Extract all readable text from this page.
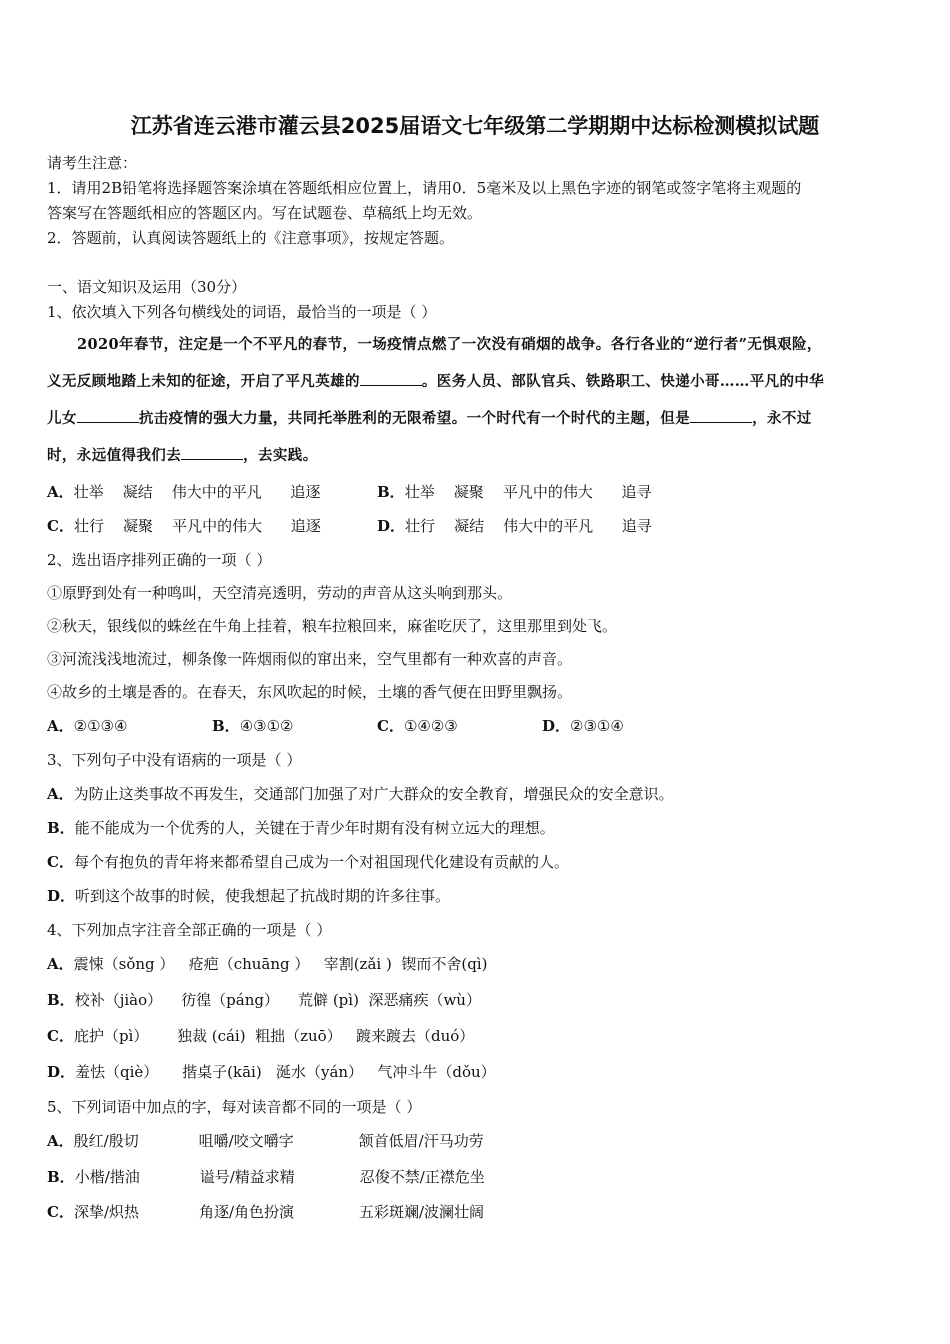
江苏省连云港市灌云县2025届语文七年级第二学期期中达标检测模拟试题
请考生注意：
1．请用2B铅笔将选择题答案涂填在答题纸相应位置上，请用0．5毫米及以上黑色字迹的钢笔或签字笔将主观题的
答案写在答题纸相应的答题区内。写在试题卷、草稿纸上均无效。
2．答题前，认真阅读答题纸上的《注意事项》，按规定答题。
一、语文知识及运用（30分）
1、依次填入下列各句横线处的词语，最恰当的一项是（ ）
2020年春节，注定是一个不平凡的春节，一场疫情点燃了一次没有硝烟的战争。各行各业的“逆行者”无惧艰险，
义无反顾地踏上未知的征途，开启了平凡英雄的	。医务人员、部队官兵、铁路职工、快递小哥……平凡的中华
儿女	抗击疫情的强大力量，共同托举胜利的无限希望。一个时代有一个时代的主题，但是	，永不过
时，永远值得我们去	，去实践。
A．壮举    凝结    伟大中的平凡      追逐	B．壮举    凝聚    平凡中的伟大      追寻
C．壮行    凝聚    平凡中的伟大      追逐	D．壮行    凝结    伟大中的平凡      追寻
2、选出语序排列正确的一项（ ）
①原野到处有一种鸣叫，天空清亮透明，劳动的声音从这头响到那头。
②秋天，银线似的蛛丝在牛角上挂着，粮车拉粮回来，麻雀吃厌了，这里那里到处飞。
③河流浅浅地流过，柳条像一阵烟雨似的窜出来，空气里都有一种欢喜的声音。
④故乡的土壤是香的。在春天，东风吹起的时候，土壤的香气便在田野里飘扬。
A．②①③④	B．④③①②	C．①④②③	D．②③①④
3、下列句子中没有语病的一项是（ ）
A．为防止这类事故不再发生，交通部门加强了对广大群众的安全教育，增强民众的安全意识。
B．能不能成为一个优秀的人，关键在于青少年时期有没有树立远大的理想。
C．每个有抱负的青年将来都希望自己成为一个对祖国现代化建设有贡献的人。
D．听到这个故事的时候，使我想起了抗战时期的许多往事。
4、下列加点字注音全部正确的一项是（ ）
A．震悚（sǒng ）   疮疤（chuāng ）   宰割(zǎi )  锲而不舍(qì)
B．校补（jiào）    彷徨（páng）    荒僻 (pì)  深恶痛疾（wù）
C．庇护（pì）      独裁 (cái)  粗拙（zuō）   踱来踱去（duó）
D．羞怯（qiè）     揩桌子(kāi)   涎水（yán）   气冲斗牛（dǒu）
5、下列词语中加点的字，每对读音都不同的一项是（ ）
A．殷红/殷切	咀嚼/咬文嚼字	颔首低眉/汗马功劳
B．小楷/揩油	谥号/精益求精	忍俊不禁/正襟危坐
C．深挚/炽热	角逐/角色扮演	五彩斑斓/波澜壮阔
